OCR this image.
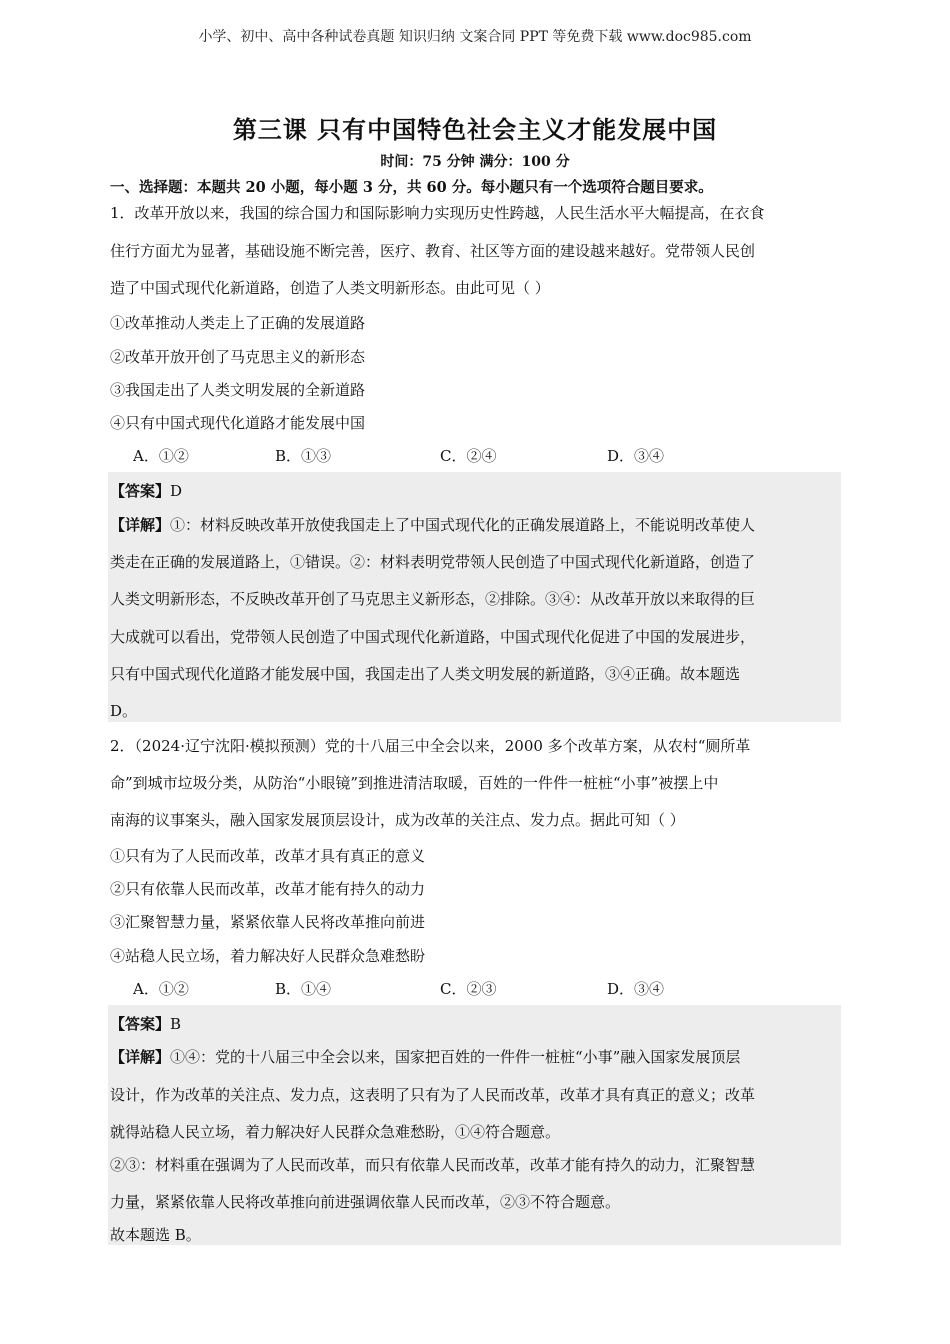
小学、初中、高中各种试卷真题 知识归纳 文案合同 PPT 等免费下载 www.doc985.com
第三课 只有中国特色社会主义才能发展中国
时间：75 分钟 满分：100 分
一、选择题：本题共 20 小题，每小题 3 分，共 60 分。每小题只有一个选项符合题目要求。
1．改革开放以来，我国的综合国力和国际影响力实现历史性跨越，人民生活水平大幅提高，在衣食
住行方面尤为显著，基础设施不断完善，医疗、教育、社区等方面的建设越来越好。党带领人民创
造了中国式现代化新道路，创造了人类文明新形态。由此可见（ ）
①改革推动人类走上了正确的发展道路
②改革开放开创了马克思主义的新形态
③我国走出了人类文明发展的全新道路
④只有中国式现代化道路才能发展中国
A．①②	B．①③	C．②④	D．③④
【答案】D
【详解】①：材料反映改革开放使我国走上了中国式现代化的正确发展道路上，不能说明改革使人
类走在正确的发展道路上，①错误。②：材料表明党带领人民创造了中国式现代化新道路，创造了
人类文明新形态，不反映改革开创了马克思主义新形态，②排除。③④：从改革开放以来取得的巨
大成就可以看出，党带领人民创造了中国式现代化新道路，中国式现代化促进了中国的发展进步，
只有中国式现代化道路才能发展中国，我国走出了人类文明发展的新道路，③④正确。故本题选
D。
2．（2024·辽宁沈阳·模拟预测）党的十八届三中全会以来，2000 多个改革方案，从农村“厕所革
命”到城市垃圾分类，从防治“小眼镜”到推进清洁取暖，百姓的一件件一桩桩“小事”被摆上中
南海的议事案头，融入国家发展顶层设计，成为改革的关注点、发力点。据此可知（ ）
①只有为了人民而改革，改革才具有真正的意义
②只有依靠人民而改革，改革才能有持久的动力
③汇聚智慧力量，紧紧依靠人民将改革推向前进
④站稳人民立场，着力解决好人民群众急难愁盼
A．①②	B．①④	C．②③	D．③④
【答案】B
【详解】①④：党的十八届三中全会以来，国家把百姓的一件件一桩桩“小事”融入国家发展顶层
设计，作为改革的关注点、发力点，这表明了只有为了人民而改革，改革才具有真正的意义；改革
就得站稳人民立场，着力解决好人民群众急难愁盼，①④符合题意。
②③：材料重在强调为了人民而改革，而只有依靠人民而改革，改革才能有持久的动力，汇聚智慧
力量，紧紧依靠人民将改革推向前进强调依靠人民而改革，②③不符合题意。
故本题选 B。
